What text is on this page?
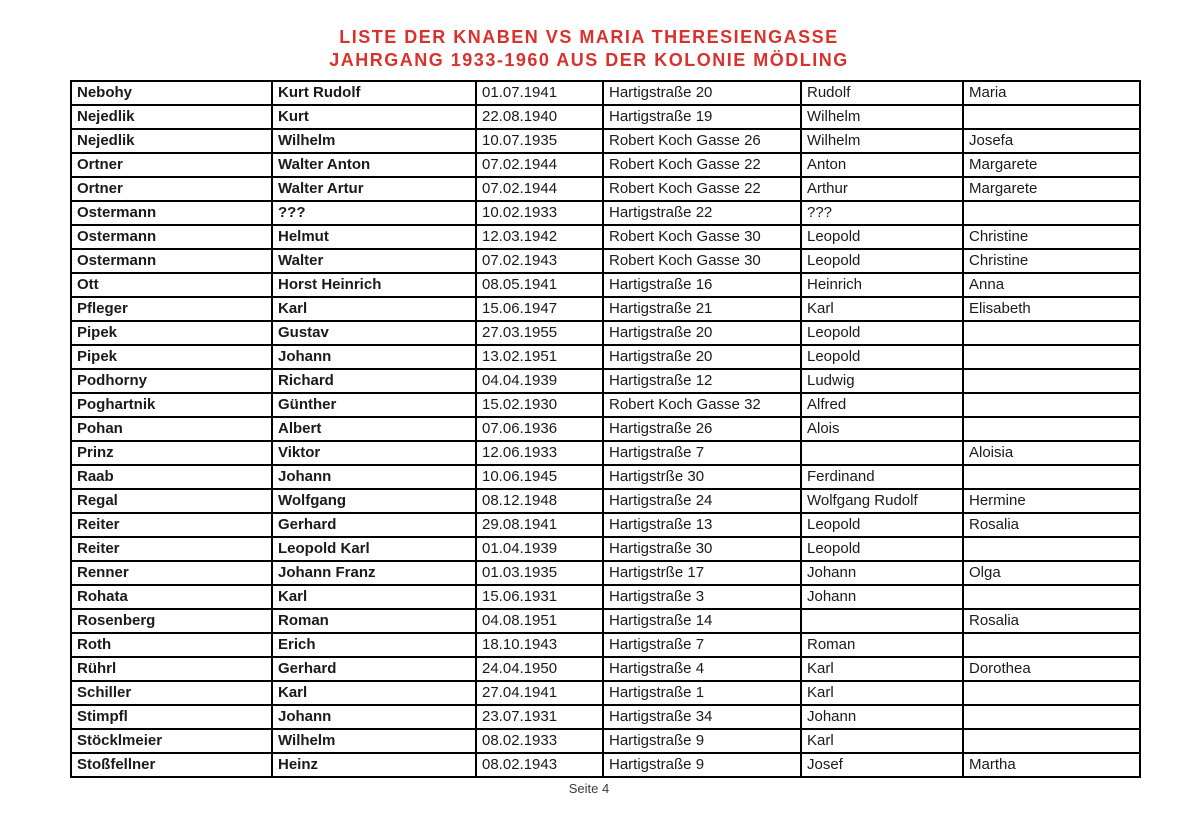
LISTE DER KNABEN VS MARIA THERESIENGASSE
JAHRGANG 1933-1960 AUS DER KOLONIE MÖDLING
Nebohy	Kurt Rudolf	01.07.1941	Hartigstraße 20	Rudolf	Maria
Nejedlik	Kurt	22.08.1940	Hartigstraße 19	Wilhelm	
Nejedlik	Wilhelm	10.07.1935	Robert Koch Gasse 26	Wilhelm	Josefa
Ortner	Walter Anton	07.02.1944	Robert Koch Gasse 22	Anton	Margarete
Ortner	Walter Artur	07.02.1944	Robert Koch Gasse 22	Arthur	Margarete
Ostermann	???	10.02.1933	Hartigstraße 22	???	
Ostermann	Helmut	12.03.1942	Robert Koch Gasse 30	Leopold	Christine
Ostermann	Walter	07.02.1943	Robert Koch Gasse 30	Leopold	Christine
Ott	Horst Heinrich	08.05.1941	Hartigstraße 16	Heinrich	Anna
Pfleger	Karl	15.06.1947	Hartigstraße 21	Karl	Elisabeth
Pipek	Gustav	27.03.1955	Hartigstraße 20	Leopold	
Pipek	Johann	13.02.1951	Hartigstraße 20	Leopold	
Podhorny	Richard	04.04.1939	Hartigstraße 12	Ludwig	
Poghartnik	Günther	15.02.1930	Robert Koch Gasse 32	Alfred	
Pohan	Albert	07.06.1936	Hartigstraße 26	Alois	
Prinz	Viktor	12.06.1933	Hartigstraße 7		Aloisia
Raab	Johann	10.06.1945	Hartigstrße 30	Ferdinand	
Regal	Wolfgang	08.12.1948	Hartigstraße 24	Wolfgang Rudolf	Hermine
Reiter	Gerhard	29.08.1941	Hartigstraße 13	Leopold	Rosalia
Reiter	Leopold Karl	01.04.1939	Hartigstraße 30	Leopold	
Renner	Johann Franz	01.03.1935	Hartigstrße 17	Johann	Olga
Rohata	Karl	15.06.1931	Hartigstraße 3	Johann	
Rosenberg	Roman	04.08.1951	Hartigstraße 14		Rosalia
Roth	Erich	18.10.1943	Hartigstraße 7	Roman	
Rührl	Gerhard	24.04.1950	Hartigstraße 4	Karl	Dorothea
Schiller	Karl	27.04.1941	Hartigstraße 1	Karl	
Stimpfl	Johann	23.07.1931	Hartigstraße 34	Johann	
Stöcklmeier	Wilhelm	08.02.1933	Hartigstraße 9	Karl	
Stoßfellner	Heinz	08.02.1943	Hartigstraße 9	Josef	Martha
Seite 4
